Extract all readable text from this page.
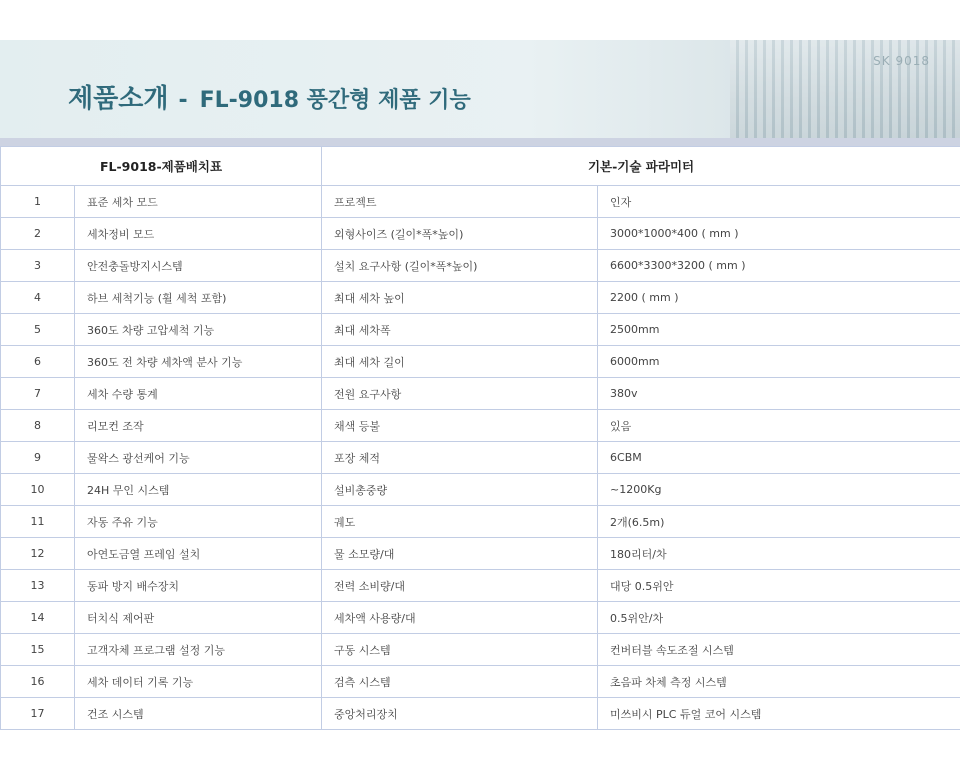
SK 9018
제품소개 - FL-9018 풍간형 제품 기능
FL-9018-제품배치표		기본-기술 파라미터	
1	표준 세차 모드	프로젝트	인자
2	세차정비 모드	외형사이즈 (길이*폭*높이)	3000*1000*400 ( mm )
3	안전충돌방지시스템	설치 요구사항 (길이*폭*높이)	6600*3300*3200 ( mm )
4	하브 세척기능 (휠 세척 포함)	최대 세차 높이	2200 ( mm )
5	360도 차량 고압세척 기능	최대 세차폭	2500mm
6	360도 전 차량 세차액 분사 기능	최대 세차 길이	6000mm
7	세차 수량 통계	전원 요구사항	380v
8	리모컨 조작	채색 등불	있음
9	물왁스 광선케어 기능	포장 체적	6CBM
10	24H 무인 시스템	설비총중량	~1200Kg
11	자동 주유 기능	궤도	2개(6.5m)
12	아연도금열 프레임 설치	물 소모량/대	180리터/차
13	동파 방지 배수장치	전력 소비량/대	대당 0.5위안
14	터치식 제어판	세차액 사용량/대	0.5위안/차
15	고객자체 프로그램 설정 기능	구동 시스템	컨버터블 속도조절 시스템
16	세차 데이터 기록 기능	검측 시스템	초음파 차체 측정 시스템
17	건조 시스템	중앙처리장치	미쓰비시 PLC 듀얼 코어 시스템
